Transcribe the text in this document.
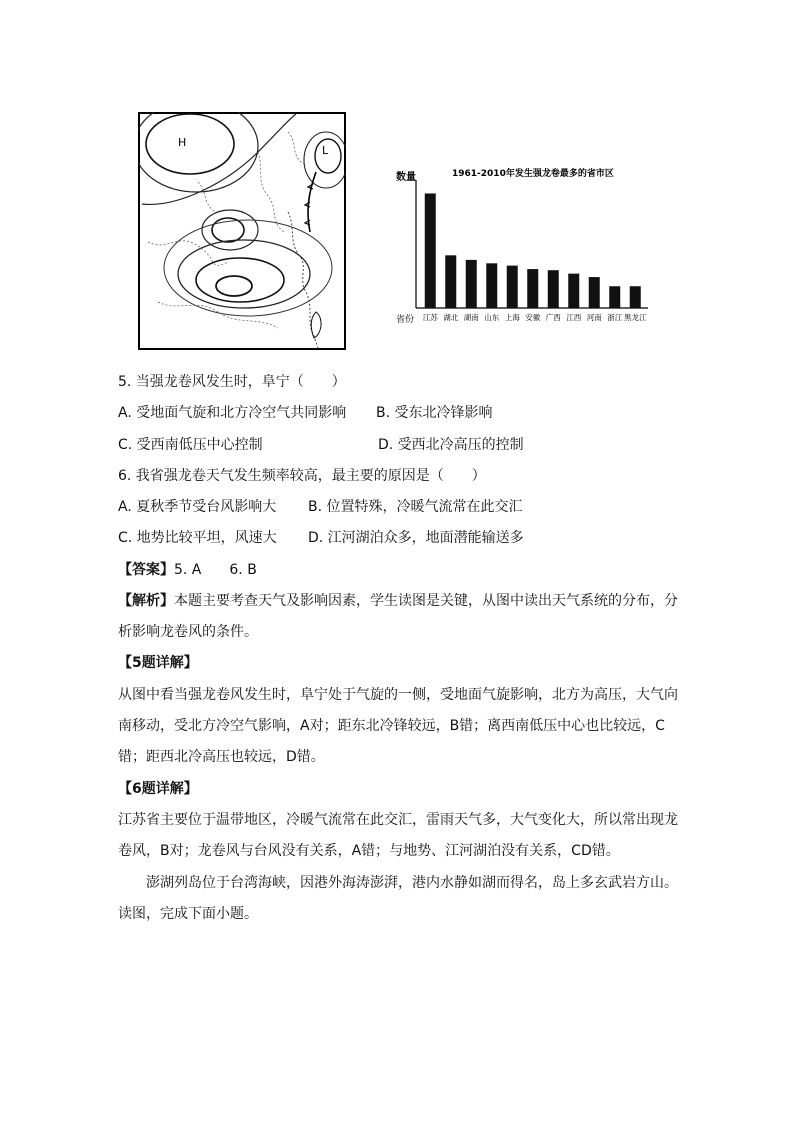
H
L
1961-2010年发生强龙卷最多的省市区
数量
省份 江苏 湖北 湖南 山东 上海 安徽 广西 江西 河南 浙江 黑龙江
5. 当强龙卷风发生时，阜宁（　　）
A. 受地面气旋和北方冷空气共同影响 B. 受东北冷锋影响
C. 受西南低压中心控制	D. 受西北冷高压的控制
6. 我省强龙卷天气发生频率较高，最主要的原因是（　　）
A. 夏秋季节受台风影响大 B. 位置特殊，冷暖气流常在此交汇
C. 地势比较平坦，风速大 D. 江河湖泊众多，地面潜能输送多
【答案】5. A　　6. B
【解析】本题主要考查天气及影响因素，学生读图是关键，从图中读出天气系统的分布，分
析影响龙卷风的条件。
【5题详解】
从图中看当强龙卷风发生时，阜宁处于气旋的一侧，受地面气旋影响，北方为高压，大气向
南移动，受北方冷空气影响，A对；距东北冷锋较远，B错；离西南低压中心也比较远，C
错；距西北冷高压也较远，D错。
【6题详解】
江苏省主要位于温带地区，冷暖气流常在此交汇，雷雨天气多，大气变化大，所以常出现龙
卷风，B对；龙卷风与台风没有关系，A错；与地势、江河湖泊没有关系，CD错。
澎湖列岛位于台湾海峡，因港外海涛澎湃，港内水静如湖而得名，岛上多玄武岩方山。
读图，完成下面小题。
